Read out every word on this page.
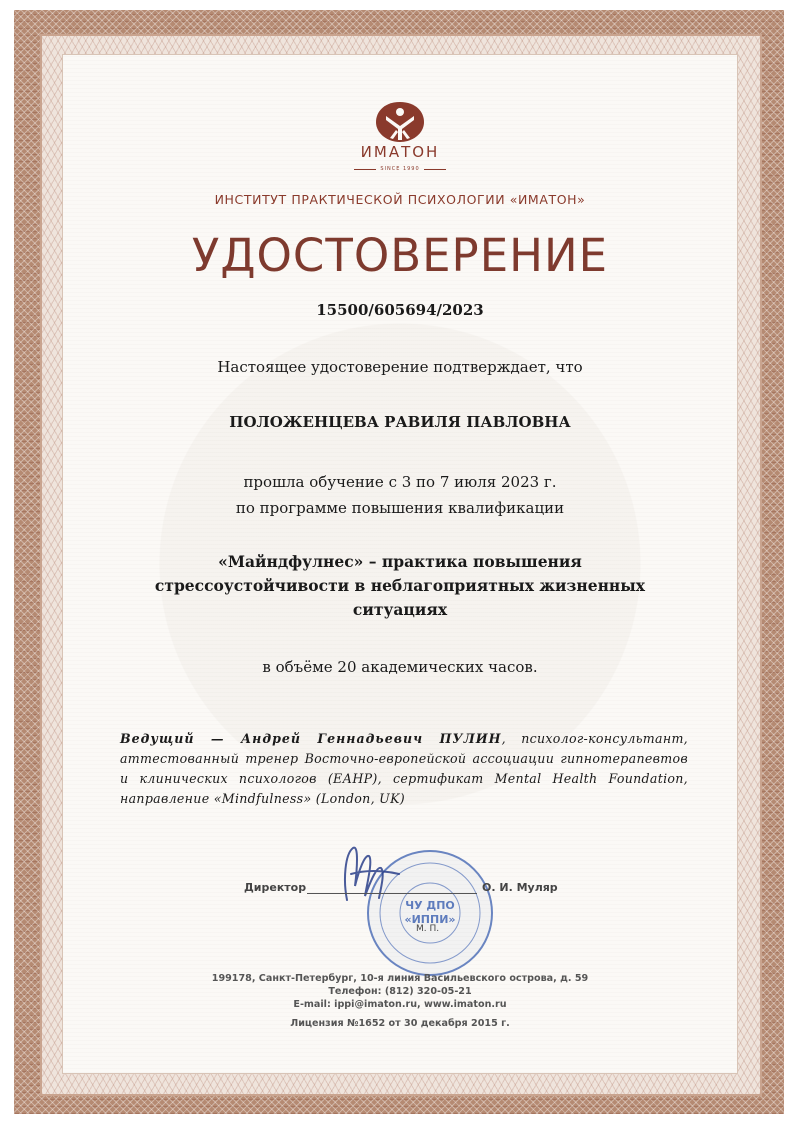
ИМАТОН
SINCE 1990
ИНСТИТУТ ПРАКТИЧЕСКОЙ ПСИХОЛОГИИ «ИМАТОН»
УДОСТОВЕРЕНИЕ
15500/605694/2023
Настоящее удостоверение подтверждает, что
ПОЛОЖЕНЦЕВА РАВИЛЯ ПАВЛОВНА
прошла обучение с 3 по 7 июля 2023 г.
по программе повышения квалификации
«Майндфулнес» – практика повышения
стрессоустойчивости в неблагоприятных жизненных
ситуациях
в объёме 20 академических часов.
Ведущий — Андрей Геннадьевич ПУЛИН, психолог-консультант, аттестованный тренер Восточно-европейской ассоциации гипнотерапевтов и клинических психологов (ЕАНР), сертификат Mental Health Foundation, направление «Mindfulness» (London, UK)
ЧУ ДПО
«ИППИ»
Директор	О. И. Муляр
М. П.
199178, Санкт-Петербург, 10-я линия Васильевского острова, д. 59
Телефон: (812) 320-05-21
E-mail: ippi@imaton.ru, www.imaton.ru
Лицензия №1652 от 30 декабря 2015 г.
